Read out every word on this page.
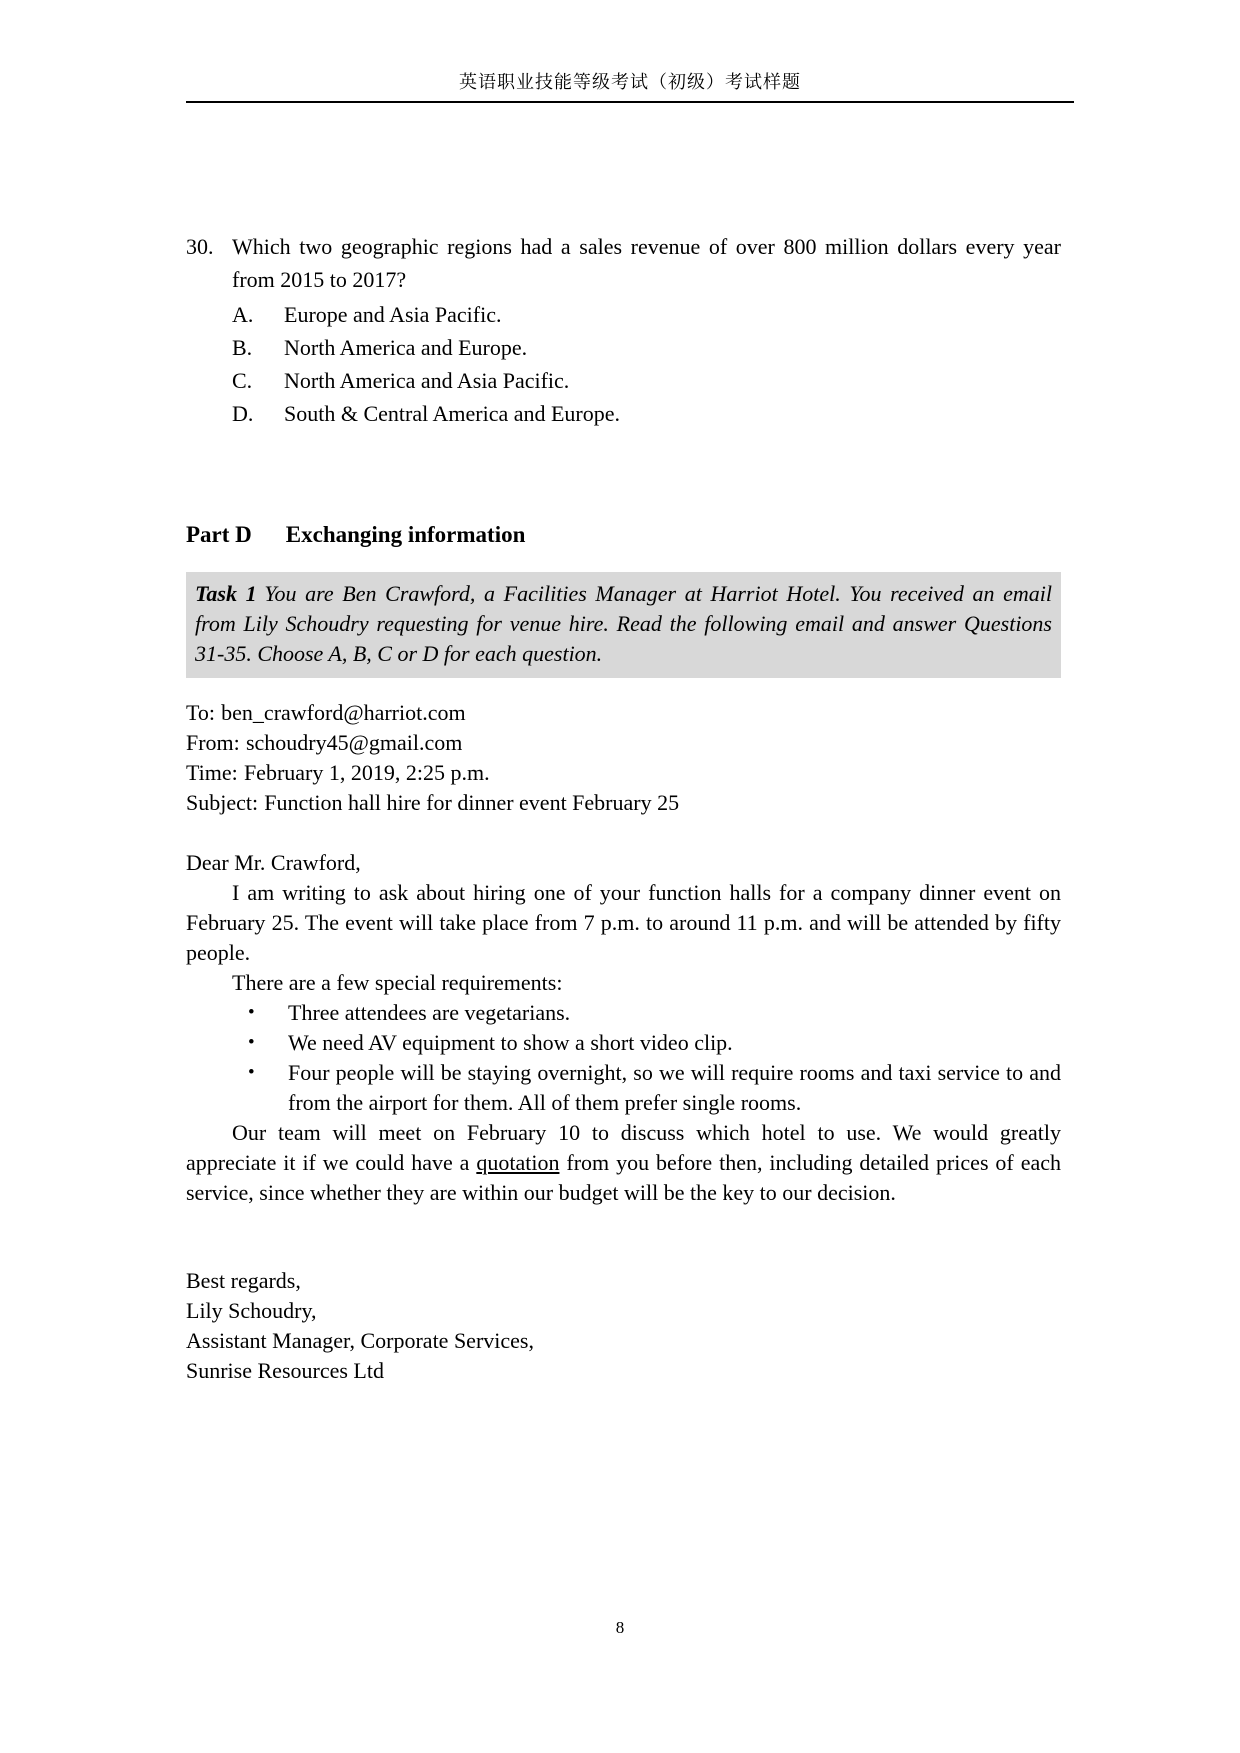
英语职业技能等级考试（初级）考试样题
30. Which two geographic regions had a sales revenue of over 800 million dollars every year from 2015 to 2017?
A.	Europe and Asia Pacific.
B.	North America and Europe.
C.	North America and Asia Pacific.
D.	South & Central America and Europe.
Part D Exchanging information
Task 1 You are Ben Crawford, a Facilities Manager at Harriot Hotel. You received an email from Lily Schoudry requesting for venue hire. Read the following email and answer Questions 31-35. Choose A, B, C or D for each question.
To: ben_crawford@harriot.com
From: schoudry45@gmail.com
Time: February 1, 2019, 2:25 p.m.
Subject: Function hall hire for dinner event February 25
Dear Mr. Crawford,

I am writing to ask about hiring one of your function halls for a company dinner event on February 25. The event will take place from 7 p.m. to around 11 p.m. and will be attended by fifty people.

There are a few special requirements:

•	Three attendees are vegetarians.
•	We need AV equipment to show a short video clip.
•	Four people will be staying overnight, so we will require rooms and taxi service to and from the airport for them. All of them prefer single rooms.

Our team will meet on February 10 to discuss which hotel to use. We would greatly appreciate it if we could have a quotation from you before then, including detailed prices of each service, since whether they are within our budget will be the key to our decision.

Best regards,
Lily Schoudry,
Assistant Manager, Corporate Services,
Sunrise Resources Ltd
8
